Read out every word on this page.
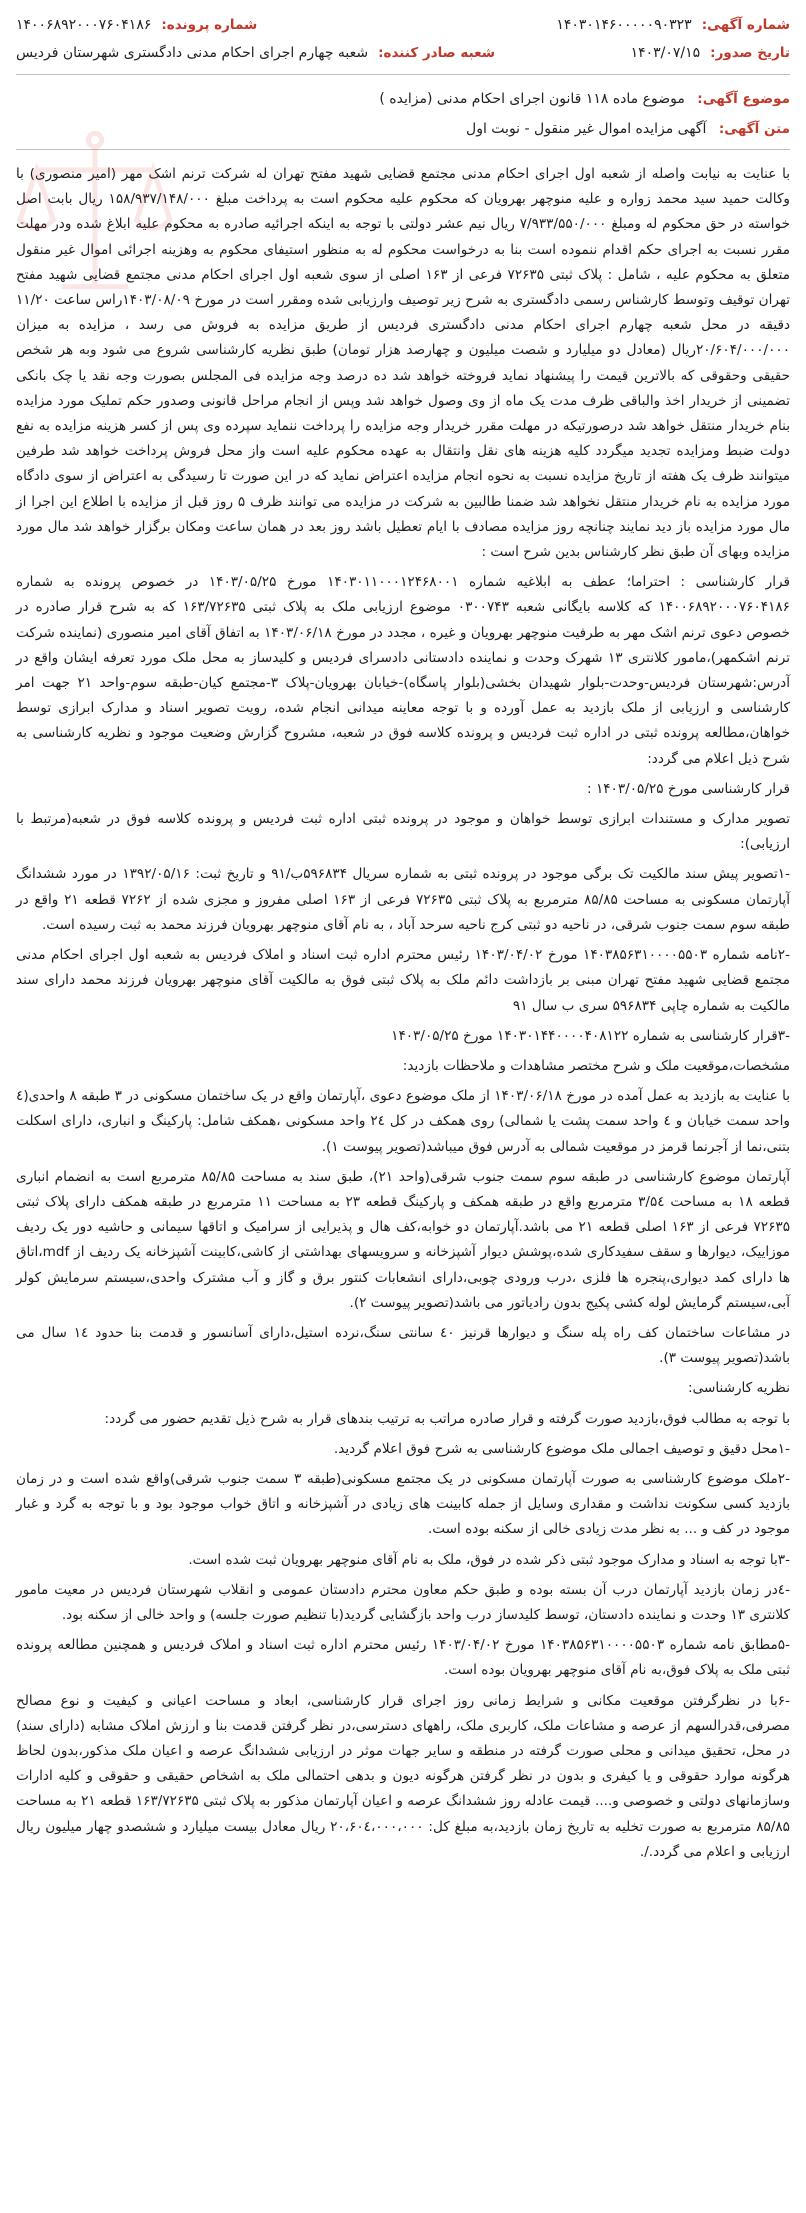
شماره آگهی:
۱۴۰۳۰۱۴۶۰۰۰۰۰۹۰۳۲۳
شماره پرونده:
۱۴۰۰۶۸۹۲۰۰۰۷۶۰۴۱۸۶
تاریخ صدور:
۱۴۰۳/۰۷/۱۵
شعبه صادر کننده:
شعبه چهارم اجرای احکام مدنی دادگستری شهرستان فردیس
موضوع آگهی: موضوع ماده ۱۱۸ قانون اجرای احکام مدنی (مزایده )
متن آگهی: آگهی مزایده اموال غیر منقول - نوبت اول

با عنایت به نیابت واصله از شعبه اول اجرای احکام مدنی مجتمع قضایی شهید مفتح تهران له شرکت ترنم اشک مهر (امیر منصوری) با وکالت حمید سید محمد زواره و علیه منوچهر بهرویان که محکوم علیه محکوم است به پرداخت مبلغ ۱۵۸/۹۳۷/۱۴۸/۰۰۰ ریال بابت اصل خواسته در حق محکوم له ومبلغ ۷/۹۳۳/۵۵۰/۰۰۰ ریال نیم عشر دولتی با توجه به اینکه اجرائیه صادره به محکوم علیه ابلاغ شده ودر مهلت مقرر نسبت به اجرای حکم اقدام ننموده است بنا به درخواست محکوم له به منظور استیفای محکوم به وهزینه اجرائی اموال غیر منقول متعلق به محکوم علیه ، شامل : پلاک ثبتی ۷۲۶۳۵ فرعی از ۱۶۳ اصلی از سوی شعبه اول اجرای احکام مدنی مجتمع قضایی شهید مفتح تهران توقیف وتوسط کارشناس رسمی دادگستری به شرح زیر توصیف وارزیابی شده ومقرر است در مورخ ۱۴۰۳/۰۸/۰۹راس ساعت ۱۱/۲۰ دقیقه در محل شعبه چهارم اجرای احکام مدنی دادگستری فردیس از طریق مزایده به فروش می رسد ، مزایده به میزان ۲۰/۶۰۴/۰۰۰/۰۰۰ریال (معادل دو میلیارد و شصت میلیون و چهارصد هزار تومان) طبق نظریه کارشناسی شروع می شود وبه هر شخص حقیقی وحقوقی که بالاترین قیمت را پیشنهاد نماید فروخته خواهد شد ده درصد وجه مزایده فی المجلس بصورت وجه نقد یا چک بانکی تضمینی از خریدار اخذ والباقی ظرف مدت یک ماه از وی وصول خواهد شد وپس از انجام مراحل قانونی وصدور حکم تملیک مورد مزایده بنام خریدار منتقل خواهد شد درصورتیکه در مهلت مقرر خریدار وجه مزایده را پرداخت ننماید سپرده وی پس از کسر هزینه مزایده به نفع دولت ضبط ومزایده تجدید میگردد کلیه هزینه های نقل وانتقال به عهده محکوم علیه است واز محل فروش پرداخت خواهد شد طرفین میتوانند ظرف یک هفته از تاریخ مزایده نسبت به نحوه انجام مزایده اعتراض نماید که در این صورت تا رسیدگی به اعتراض از سوی دادگاه مورد مزایده به نام خریدار منتقل نخواهد شد ضمنا طالبین به شرکت در مزایده می توانند ظرف ۵ روز قبل از مزایده با اطلاع این اجرا از مال مورد مزایده باز دید نمایند چنانچه روز مزایده مصادف با ایام تعطیل باشد روز بعد در همان ساعت ومکان برگزار خواهد شد مال مورد مزایده وبهای آن طبق نظر کارشناس بدین شرح است :

قرار کارشناسی : احتراما؛ عطف به ابلاغیه شماره ۱۴۰۳۰۱۱۰۰۰۱۲۴۶۸۰۰۱ مورخ ۱۴۰۳/۰۵/۲۵ در خصوص پرونده به شماره ۱۴۰۰۶۸۹۲۰۰۰۷۶۰۴۱۸۶ که کلاسه بایگانی شعبه ۰۳۰۰۷۴۳ موضوع ارزیابی ملک به پلاک ثبتی ۱۶۳/۷۲۶۳۵ که به شرح قرار صادره در خصوص دعوی ترنم اشک مهر به طرفیت منوچهر بهرویان و غیره ، مجدد در مورخ ۱۴۰۳/۰۶/۱۸ به اتفاق آقای امیر منصوری (نماینده شرکت ترنم اشکمهر)،مامور کلانتری ۱۳ شهرک وحدت و نماینده دادستانی دادسرای فردیس و کلیدساز به محل ملک مورد تعرفه ایشان واقع در آدرس:شهرستان فردیس-وحدت-بلوار شهیدان بخشی(بلوار پاسگاه)-خیابان بهرویان-پلاک ۳-مجتمع کیان-طبقه سوم-واحد ۲۱ جهت امر کارشناسی و ارزیابی از ملک بازدید به عمل آورده و با توجه معاینه میدانی انجام شده، رویت تصویر اسناد و مدارک ابرازی توسط خواهان،مطالعه پرونده ثبتی در اداره ثبت فردیس و پرونده کلاسه فوق در شعبه، مشروح گزارش وضعیت موجود و نظریه کارشناسی به شرح ذیل اعلام می گردد:

قرار کارشناسی مورخ ۱۴۰۳/۰۵/۲۵ :

تصویر مدارک و مستندات ابرازی توسط خواهان و موجود در پرونده ثبتی اداره ثبت فردیس و پرونده کلاسه فوق در شعبه(مرتبط با ارزیابی):

-۱تصویر پیش سند مالکیت تک برگی موجود در پرونده ثبتی به شماره سریال ۵۹۶۸۳۴ب/۹۱ و تاریخ ثبت: ۱۳۹۲/۰۵/۱۶ در مورد ششدانگ آپارتمان مسکونی به مساحت ۸۵/۸۵ مترمربع به پلاک ثبتی ۷۲۶۳۵ فرعی از ۱۶۳ اصلی مفروز و مجزی شده از ۷۲۶۲ قطعه ۲۱ واقع در طبقه سوم سمت جنوب شرقی، در ناحیه دو ثبتی کرج ناحیه سرحد آباد ، به نام آقای منوچهر بهرویان فرزند محمد به ثبت رسیده است.

-۲نامه شماره ۱۴۰۳۸۵۶۳۱۰۰۰۰۵۵۰۳ مورخ ۱۴۰۳/۰۴/۰۲ رئیس محترم اداره ثبت اسناد و املاک فردیس به شعبه اول اجرای احکام مدنی مجتمع قضایی شهید مفتح تهران مبنی بر بازداشت دائم ملک به پلاک ثبتی فوق به مالکیت آقای منوچهر بهرویان فرزند محمد دارای سند مالکیت به شماره چاپی ۵۹۶۸۳۴ سری ب سال ۹۱

-۳قرار کارشناسی به شماره ۱۴۰۳۰۱۴۴۰۰۰۰۴۰۸۱۲۲ مورخ ۱۴۰۳/۰۵/۲۵

مشخصات،موقعیت ملک و شرح مختصر مشاهدات و ملاحظات بازدید:

با عنایت به بازدید به عمل آمده در مورخ ۱۴۰۳/۰۶/۱۸ از ملک موضوع دعوی ،آپارتمان واقع در یک ساختمان مسکونی در ۳ طبقه ۸ واحدی(٤ واحد سمت خیابان و ٤ واحد سمت پشت یا شمالی) روی همکف در کل ۲٤ واحد مسکونی ،همکف شامل: پارکینگ و انباری، دارای اسکلت بتنی،نما از آجرنما قرمز در موقعیت شمالی به آدرس فوق میباشد(تصویر پیوست ۱).

آپارتمان موضوع کارشناسی در طبقه سوم سمت جنوب شرقی(واحد ۲۱)، طبق سند به مساحت ۸۵/۸۵ مترمربع است به انضمام انباری قطعه ۱۸ به مساحت ۳/۵٤ مترمربع واقع در طبقه همکف و پارکینگ قطعه ۲۳ به مساحت ۱۱ مترمربع در طبقه همکف دارای پلاک ثبتی ۷۲۶۳۵ فرعی از ۱۶۳ اصلی قطعه ۲۱ می باشد.آپارتمان دو خوابه،کف هال و پذیرایی از سرامیک و اتاقها سیمانی و حاشیه دور یک ردیف موزاییک، دیوارها و سقف سفیدکاری شده،پوشش دیوار آشپزخانه و سرویسهای بهداشتی از کاشی،کابینت آشپزخانه یک ردیف از mdf،اتاق ها دارای کمد دیواری،پنجره ها فلزی ،درب ورودی چوبی،دارای انشعابات کنتور برق و گاز و آب مشترک واحدی،سیستم سرمایش کولر آبی،سیستم گرمایش لوله کشی پکیج بدون رادیاتور می باشد(تصویر پیوست ۲).

در مشاعات ساختمان کف راه پله سنگ و دیوارها قرنیز ٤۰ سانتی سنگ،نرده استیل،دارای آسانسور و قدمت بنا حدود ۱٤ سال می باشد(تصویر پیوست ۳).

نظریه کارشناسی:

با توجه به مطالب فوق،بازدید صورت گرفته و قرار صادره مراتب به ترتیب بندهای قرار به شرح ذیل تقدیم حضور می گردد:

-۱محل دقیق و توصیف اجمالی ملک موضوع کارشناسی به شرح فوق اعلام گردید.

-۲ملک موضوع کارشناسی به صورت آپارتمان مسکونی در یک مجتمع مسکونی(طبقه ۳ سمت جنوب شرقی)واقع شده است و در زمان بازدید کسی سکونت نداشت و مقداری وسایل از جمله کابینت های زیادی در آشپزخانه و اتاق خواب موجود بود و با توجه به گرد و غبار موجود در کف و ... به نظر مدت زیادی خالی از سکنه بوده است.

-۳با توجه به اسناد و مدارک موجود ثبتی ذکر شده در فوق، ملک به نام آقای منوچهر بهرویان ثبت شده است.

-٤در زمان بازدید آپارتمان درب آن بسته بوده و طبق حکم معاون محترم دادستان عمومی و انقلاب شهرستان فردیس در معیت مامور کلانتری ۱۳ وحدت و نماینده دادستان، توسط کلیدساز درب واحد بازگشایی گردید(با تنظیم صورت جلسه) و واحد خالی از سکنه بود.

-۵مطابق نامه شماره ۱۴۰۳۸۵۶۳۱۰۰۰۰۵۵۰۳ مورخ ۱۴۰۳/۰۴/۰۲ رئیس محترم اداره ثبت اسناد و املاک فردیس و همچنین مطالعه پرونده ثبتی ملک به پلاک فوق،به نام آقای منوچهر بهرویان بوده است.

-۶با در نظرگرفتن موقعیت مکانی و شرایط زمانی روز اجرای قرار کارشناسی، ابعاد و مساحت اعیانی و کیفیت و نوع مصالح مصرفی،قدرالسهم از عرصه و مشاعات ملک، کاربری ملک، راههای دسترسی،در نظر گرفتن قدمت بنا و ارزش املاک مشابه (دارای سند) در محل، تحقیق میدانی و محلی صورت گرفته در منطقه و سایر جهات موثر در ارزیابی ششدانگ عرصه و اعیان ملک مذکور،بدون لحاظ هرگونه موارد حقوقی و یا کیفری و بدون در نظر گرفتن هرگونه دیون و بدهی احتمالی ملک به اشخاص حقیقی و حقوقی و کلیه ادارات وسازمانهای دولتی و خصوصی و.... قیمت عادله روز ششدانگ عرصه و اعیان آپارتمان مذکور به پلاک ثبتی ۱۶۳/۷۲۶۳۵ قطعه ۲۱ به مساحت ۸۵/۸۵ مترمربع به صورت تخلیه به تاریخ زمان بازدید،به مبلغ کل: ۲۰،۶۰٤،۰۰۰،۰۰۰ ریال معادل بیست میلیارد و ششصدو چهار میلیون ریال ارزیابی و اعلام می گردد./.
